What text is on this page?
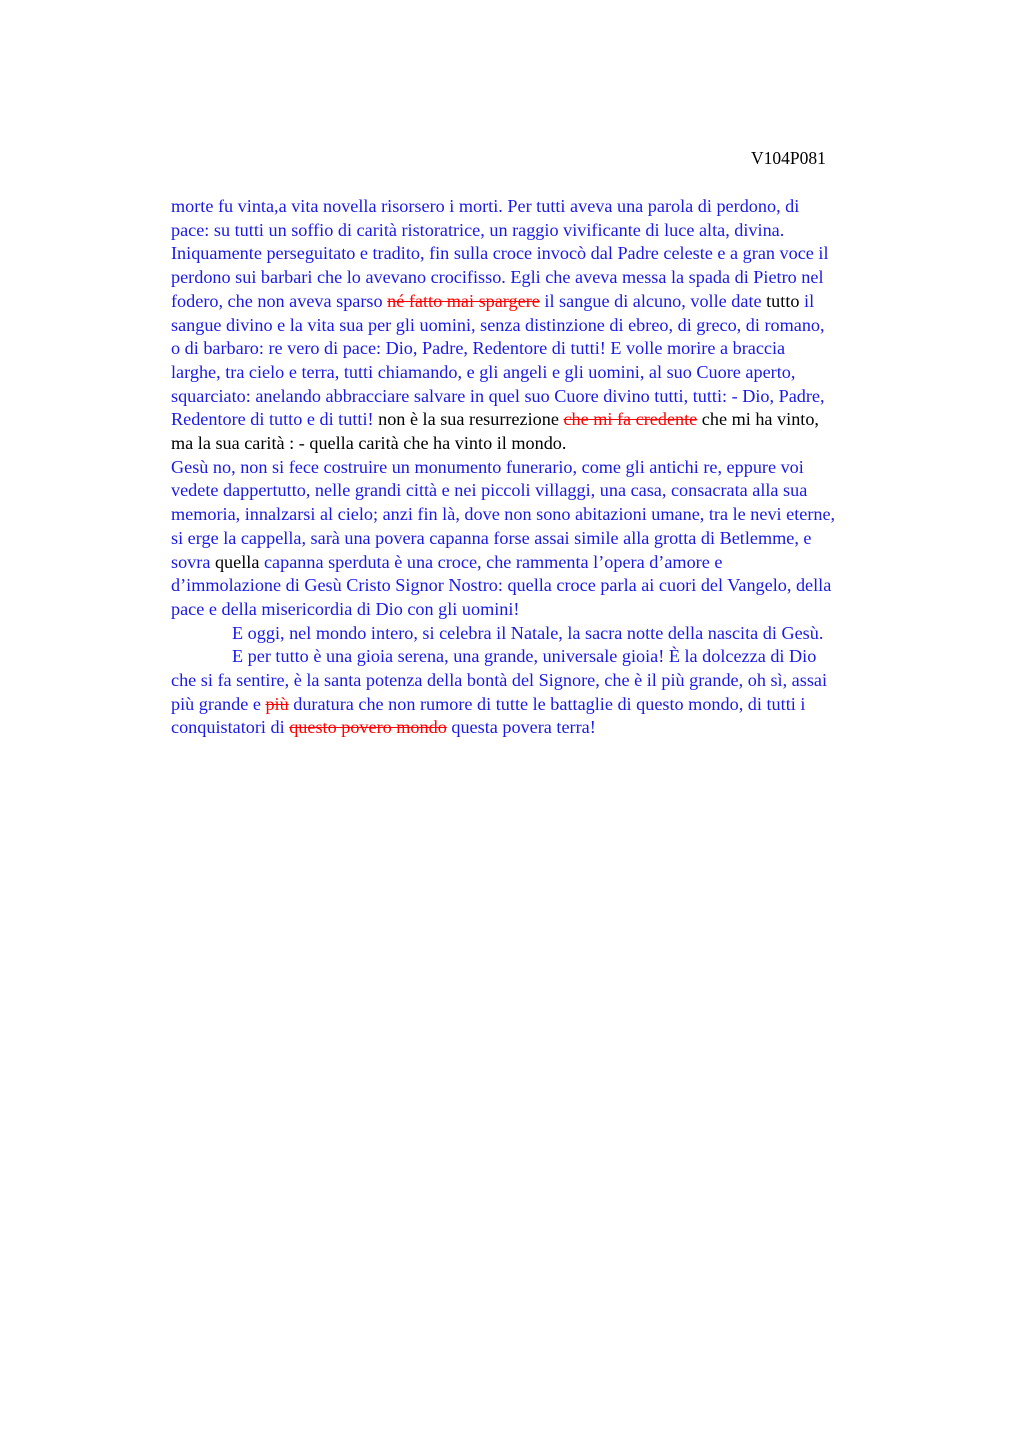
V104P081
morte fu vinta,a vita novella risorsero i morti. Per tutti aveva una parola di perdono, di
pace: su tutti un soffio di carità ristoratrice, un raggio vivificante di luce alta, divina.
Iniquamente perseguitato e tradito, fin sulla croce invocò dal Padre celeste e a gran voce il
perdono sui barbari che lo avevano crocifisso. Egli che aveva messa la spada di Pietro nel
fodero, che non aveva sparso né fatto mai spargere il sangue di alcuno, volle date tutto il
sangue divino e la vita sua per gli uomini, senza distinzione di ebreo, di greco, di romano,
o di barbaro: re vero di pace: Dio, Padre, Redentore di tutti! E volle morire a braccia
larghe, tra cielo e terra, tutti chiamando, e gli angeli e gli uomini, al suo Cuore aperto,
squarciato: anelando abbracciare salvare in quel suo Cuore divino tutti, tutti: - Dio, Padre,
Redentore di tutto e di tutti! non è la sua resurrezione che mi fa credente che mi ha vinto,
ma la sua carità : - quella carità che ha vinto il mondo.
Gesù no, non si fece costruire un monumento funerario, come gli antichi re, eppure voi
vedete dappertutto, nelle grandi città e nei piccoli villaggi, una casa, consacrata alla sua
memoria, innalzarsi al cielo; anzi fin là, dove non sono abitazioni umane, tra le nevi eterne,
si erge la cappella, sarà una povera capanna forse assai simile alla grotta di Betlemme, e
sovra quella capanna sperduta è una croce, che rammenta l’opera d’amore e
d’immolazione di Gesù Cristo Signor Nostro: quella croce parla ai cuori del Vangelo, della
pace e della misericordia di Dio con gli uomini!
E oggi, nel mondo intero, si celebra il Natale, la sacra notte della nascita di Gesù.
E per tutto è una gioia serena, una grande, universale gioia! È la dolcezza di Dio
che si fa sentire, è la santa potenza della bontà del Signore, che è il più grande, oh sì, assai
più grande e più duratura che non rumore di tutte le battaglie di questo mondo, di tutti i
conquistatori di questo povero mondo questa povera terra!
